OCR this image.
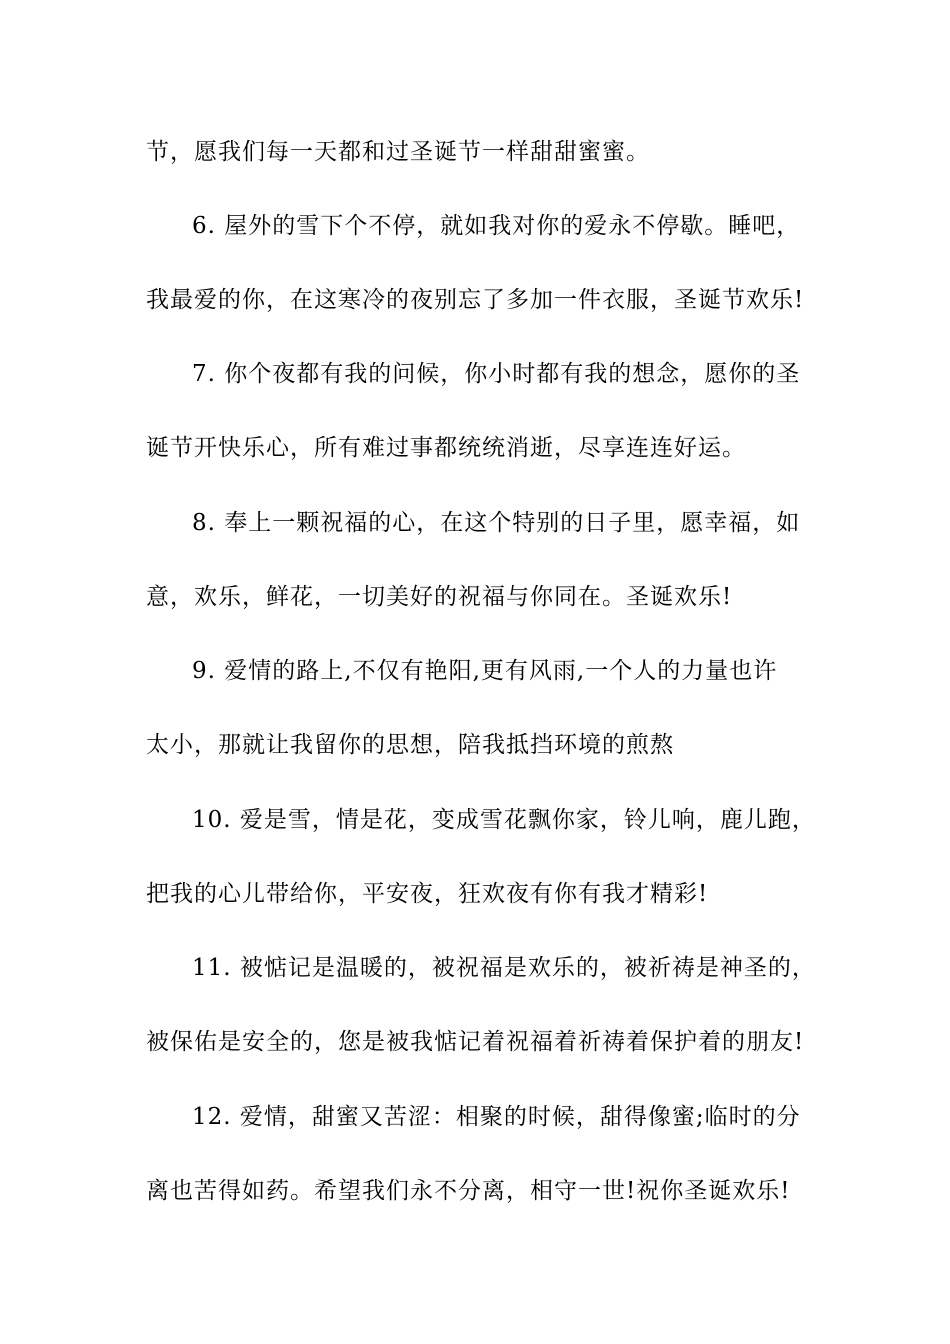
节，愿我们每一天都和过圣诞节一样甜甜蜜蜜。
6. 屋外的雪下个不停，就如我对你的爱永不停歇。睡吧，
我最爱的你，在这寒冷的夜别忘了多加一件衣服，圣诞节欢乐!
7. 你个夜都有我的问候，你小时都有我的想念，愿你的圣
诞节开快乐心，所有难过事都统统消逝，尽享连连好运。
8. 奉上一颗祝福的心，在这个特别的日子里，愿幸福，如
意，欢乐，鲜花，一切美好的祝福与你同在。圣诞欢乐!
9. 爱情的路上,不仅有艳阳,更有风雨,一个人的力量也许
太小，那就让我留你的思想，陪我抵挡环境的煎熬
10. 爱是雪，情是花，变成雪花飘你家，铃儿响，鹿儿跑，
把我的心儿带给你，平安夜，狂欢夜有你有我才精彩!
11. 被惦记是温暖的，被祝福是欢乐的，被祈祷是神圣的，
被保佑是安全的，您是被我惦记着祝福着祈祷着保护着的朋友!
12. 爱情，甜蜜又苦涩：相聚的时候，甜得像蜜;临时的分
离也苦得如药。希望我们永不分离，相守一世!祝你圣诞欢乐!
